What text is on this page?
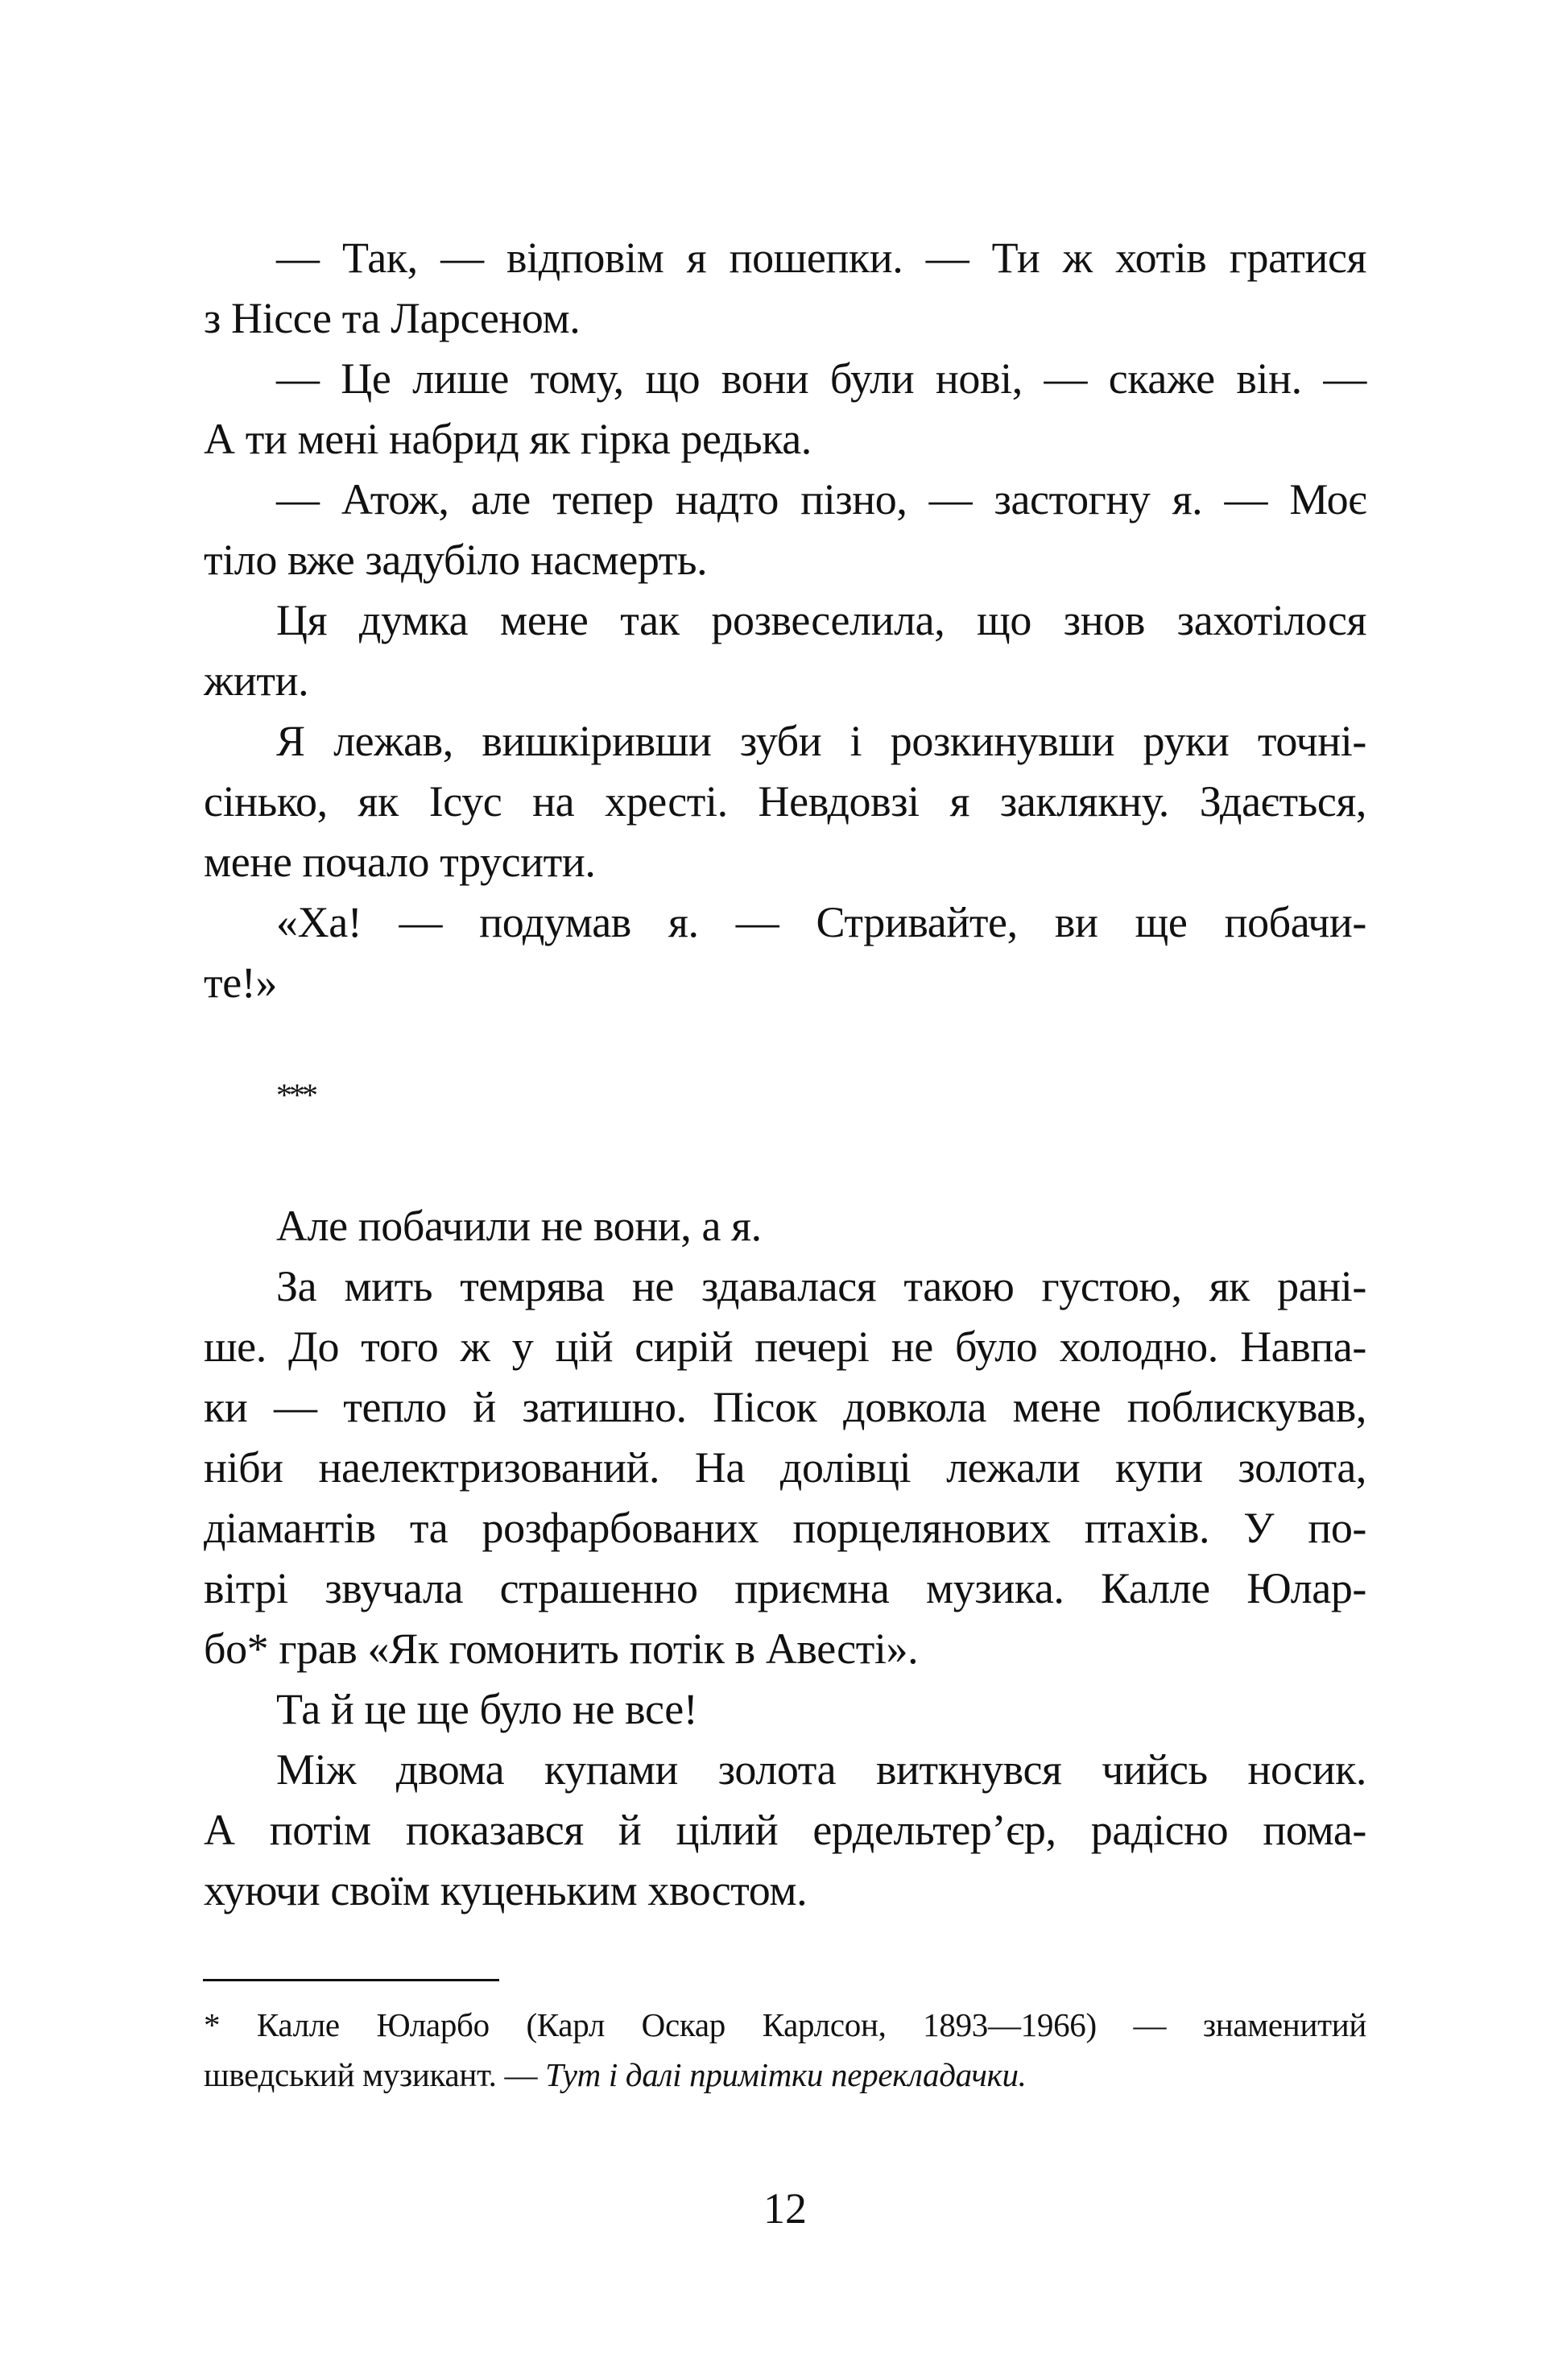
— Так, — відповім я пошепки. — Ти ж хотів гратися
з Ніссе та Ларсеном.
— Це лише тому, що вони були нові, — скаже він. —
А ти мені набрид як гірка редька.
— Атож, але тепер надто пізно, — застогну я. — Моє
тіло вже задубіло насмерть.
Ця думка мене так розвеселила, що знов захотілося
жити.
Я лежав, вишкіривши зуби і розкинувши руки точні-
сінько, як Ісус на хресті. Невдовзі я заклякну. Здається,
мене почало трусити.
«Ха! — подумав я. — Стривайте, ви ще побачи-
те!»
***
Але побачили не вони, а я.
За мить темрява не здавалася такою густою, як рані-
ше. До того ж у цій сирій печері не було холодно. Навпа-
ки — тепло й затишно. Пісок довкола мене поблискував,
ніби наелектризований. На долівці лежали купи золота,
діамантів та розфарбованих порцелянових птахів. У по-
вітрі звучала страшенно приємна музика. Калле Юлар-
бо* грав «Як гомонить потік в Авесті».
Та й це ще було не все!
Між двома купами золота виткнувся чийсь носик.
А потім показався й цілий ердельтер’єр, радісно пома-
хуючи своїм куценьким хвостом.
* Калле Юларбо (Карл Оскар Карлсон, 1893—1966) — знаменитий
шведський музикант. — Тут і далі примітки перекладачки.
12
